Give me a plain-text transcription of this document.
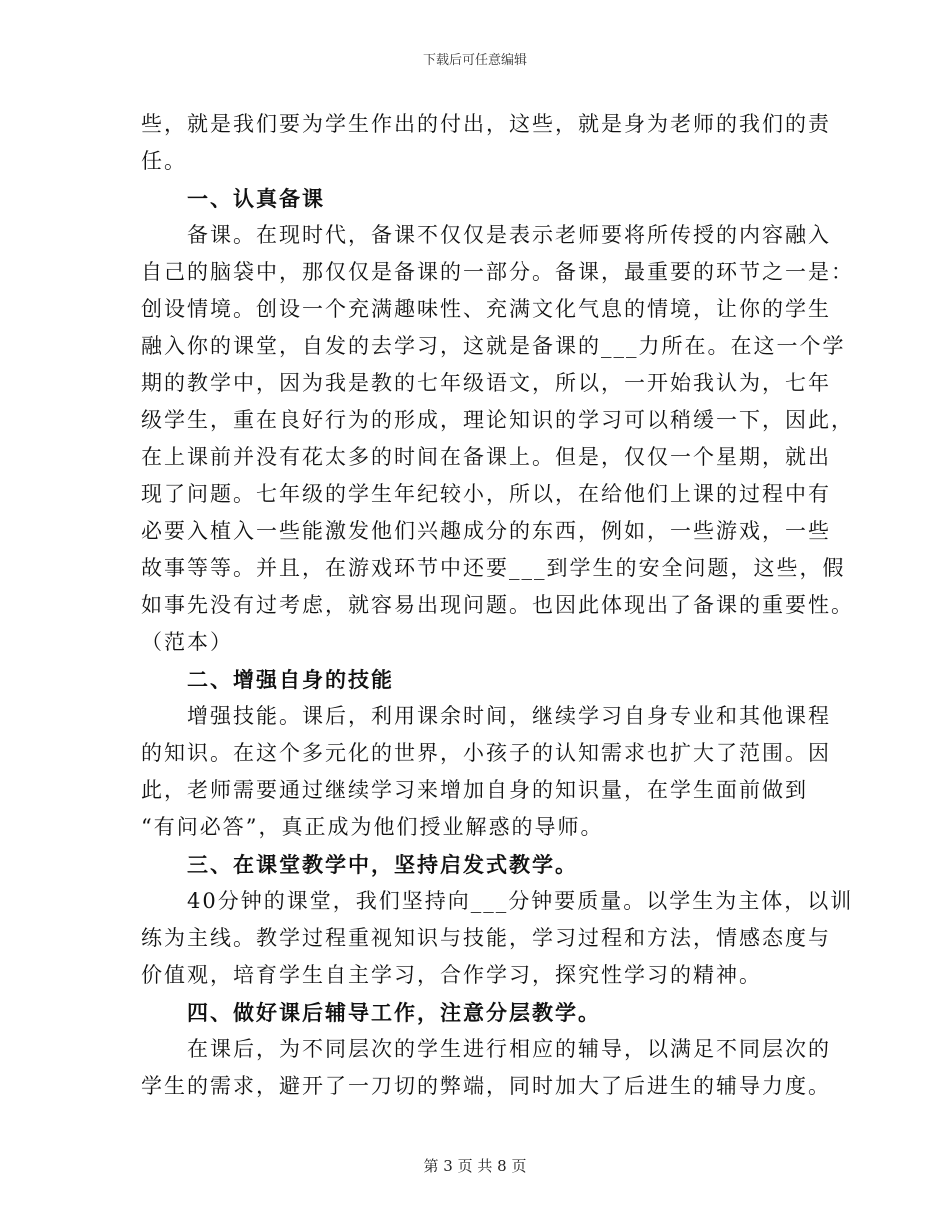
下载后可任意编辑
些，就是我们要为学生作出的付出，这些，就是身为老师的我们的责
任。
一、认真备课
备课。在现时代，备课不仅仅是表示老师要将所传授的内容融入
自己的脑袋中，那仅仅是备课的一部分。备课，最重要的环节之一是：
创设情境。创设一个充满趣味性、充满文化气息的情境，让你的学生
融入你的课堂，自发的去学习，这就是备课的___力所在。在这一个学
期的教学中，因为我是教的七年级语文，所以，一开始我认为，七年
级学生，重在良好行为的形成，理论知识的学习可以稍缓一下，因此，
在上课前并没有花太多的时间在备课上。但是，仅仅一个星期，就出
现了问题。七年级的学生年纪较小，所以，在给他们上课的过程中有
必要入植入一些能激发他们兴趣成分的东西，例如，一些游戏，一些
故事等等。并且，在游戏环节中还要___到学生的安全问题，这些，假
如事先没有过考虑，就容易出现问题。也因此体现出了备课的重要性。
（范本）
二、增强自身的技能
增强技能。课后，利用课余时间，继续学习自身专业和其他课程
的知识。在这个多元化的世界，小孩子的认知需求也扩大了范围。因
此，老师需要通过继续学习来增加自身的知识量，在学生面前做到
“有问必答”，真正成为他们授业解惑的导师。
三、在课堂教学中，坚持启发式教学。
40分钟的课堂，我们坚持向___分钟要质量。以学生为主体，以训
练为主线。教学过程重视知识与技能，学习过程和方法，情感态度与
价值观，培育学生自主学习，合作学习，探究性学习的精神。
四、做好课后辅导工作，注意分层教学。
在课后，为不同层次的学生进行相应的辅导，以满足不同层次的
学生的需求，避开了一刀切的弊端，同时加大了后进生的辅导力度。
第 3 页 共 8 页
